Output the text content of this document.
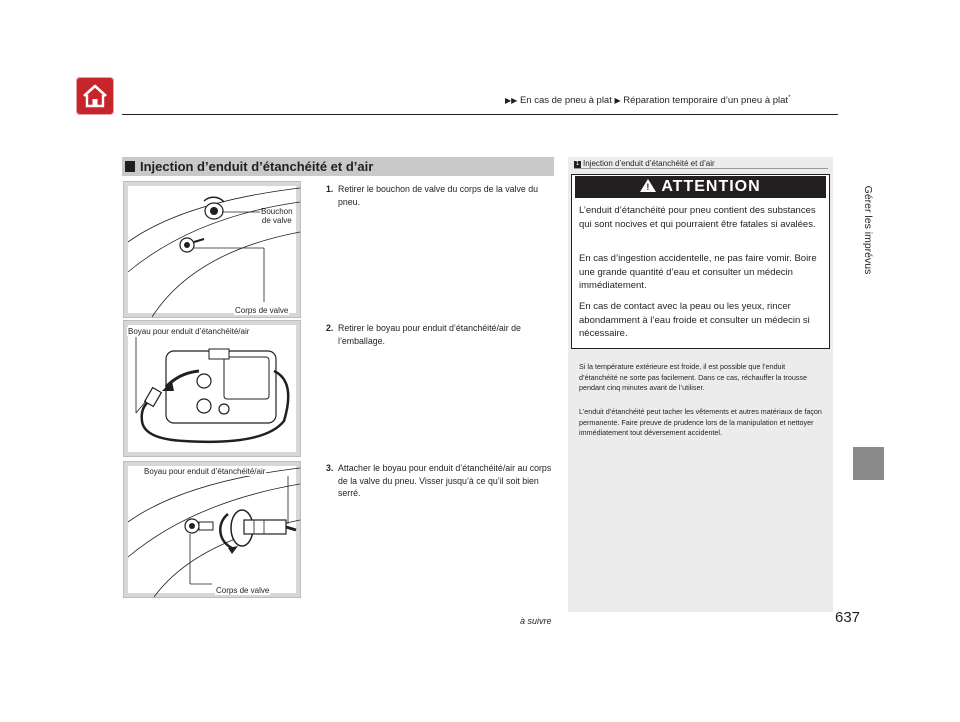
▶▶ En cas de pneu à plat ▶ Réparation temporaire d’un pneu à plat*
Gérer les imprévus
Injection d’enduit d’étanchéité et d’air
Bouchon
de valve
Corps de valve
Boyau pour enduit d’étanchéité/air
Boyau pour enduit d’étanchéité/air
Corps de valve
1. Retirer le bouchon de valve du corps de la valve du pneu.
2. Retirer le boyau pour enduit d’étanchéité/air de l’emballage.
3. Attacher le boyau pour enduit d’étanchéité/air au corps de la valve du pneu. Visser jusqu’à ce qu’il soit bien serré.
1 Injection d’enduit d’étanchéité et d’air
! ATTENTION
L’enduit d’étanchéité pour pneu contient des substances qui sont nocives et qui pourraient être fatales si avalées.
En cas d’ingestion accidentelle, ne pas faire vomir. Boire une grande quantité d’eau et consulter un médecin immédiatement.
En cas de contact avec la peau ou les yeux, rincer abondamment à l’eau froide et consulter un médecin si nécessaire.
Si la température extérieure est froide, il est possible que l’enduit d’étanchéité ne sorte pas facilement. Dans ce cas, réchauffer la trousse pendant cinq minutes avant de l’utiliser.
L’enduit d’étanchéité peut tacher les vêtements et autres matériaux de façon permanente. Faire preuve de prudence lors de la manipulation et nettoyer immédiatement tout déversement accidentel.
à suivre	637
